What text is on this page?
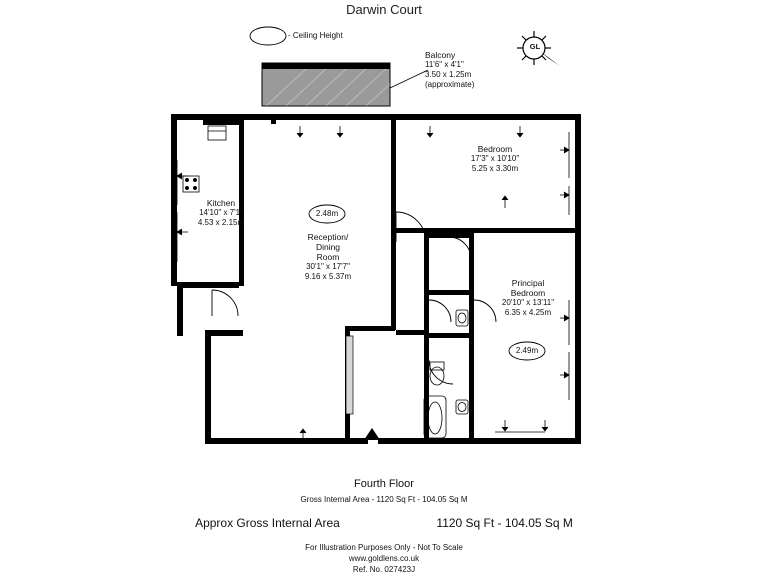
Darwin Court
- Ceiling Height
Balcony
11'6" x 4'1"
3.50 x 1.25m
(approximate)
Bedroom
17'3" x 10'10"
5.25 x 3.30m
Kitchen
14'10" x 7'1"
4.53 x 2.15m
Reception/
Dining
Room
30'1" x 17'7"
9.16 x 5.37m
Principal
Bedroom
20'10" x 13'11"
6.35 x 4.25m
2.48m
2.49m
GL
Fourth Floor
Gross Internal Area - 1120 Sq Ft - 104.05 Sq M
Approx Gross Internal Area	1120 Sq Ft - 104.05 Sq M
For Illustration Purposes Only - Not To Scale
www.goldlens.co.uk
Ref. No. 027423J
